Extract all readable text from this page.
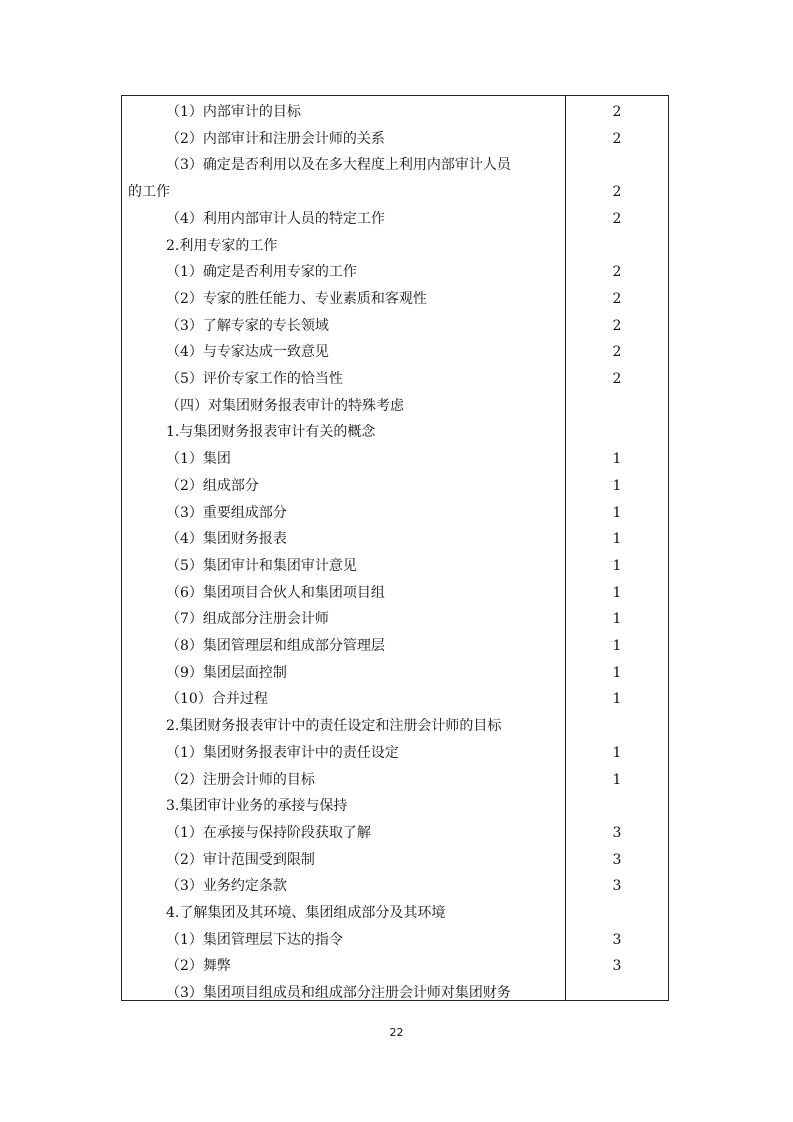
（1）内部审计的目标	2
（2）内部审计和注册会计师的关系	2
（3）确定是否利用以及在多大程度上利用内部审计人员
的工作	2
（4）利用内部审计人员的特定工作	2
2.利用专家的工作
（1）确定是否利用专家的工作	2
（2）专家的胜任能力、专业素质和客观性	2
（3）了解专家的专长领域	2
（4）与专家达成一致意见	2
（5）评价专家工作的恰当性	2
（四）对集团财务报表审计的特殊考虑
1.与集团财务报表审计有关的概念
（1）集团	1
（2）组成部分	1
（3）重要组成部分	1
（4）集团财务报表	1
（5）集团审计和集团审计意见	1
（6）集团项目合伙人和集团项目组	1
（7）组成部分注册会计师	1
（8）集团管理层和组成部分管理层	1
（9）集团层面控制	1
（10）合并过程	1
2.集团财务报表审计中的责任设定和注册会计师的目标
（1）集团财务报表审计中的责任设定	1
（2）注册会计师的目标	1
3.集团审计业务的承接与保持
（1）在承接与保持阶段获取了解	3
（2）审计范围受到限制	3
（3）业务约定条款	3
4.了解集团及其环境、集团组成部分及其环境
（1）集团管理层下达的指令	3
（2）舞弊	3
（3）集团项目组成员和组成部分注册会计师对集团财务
22
